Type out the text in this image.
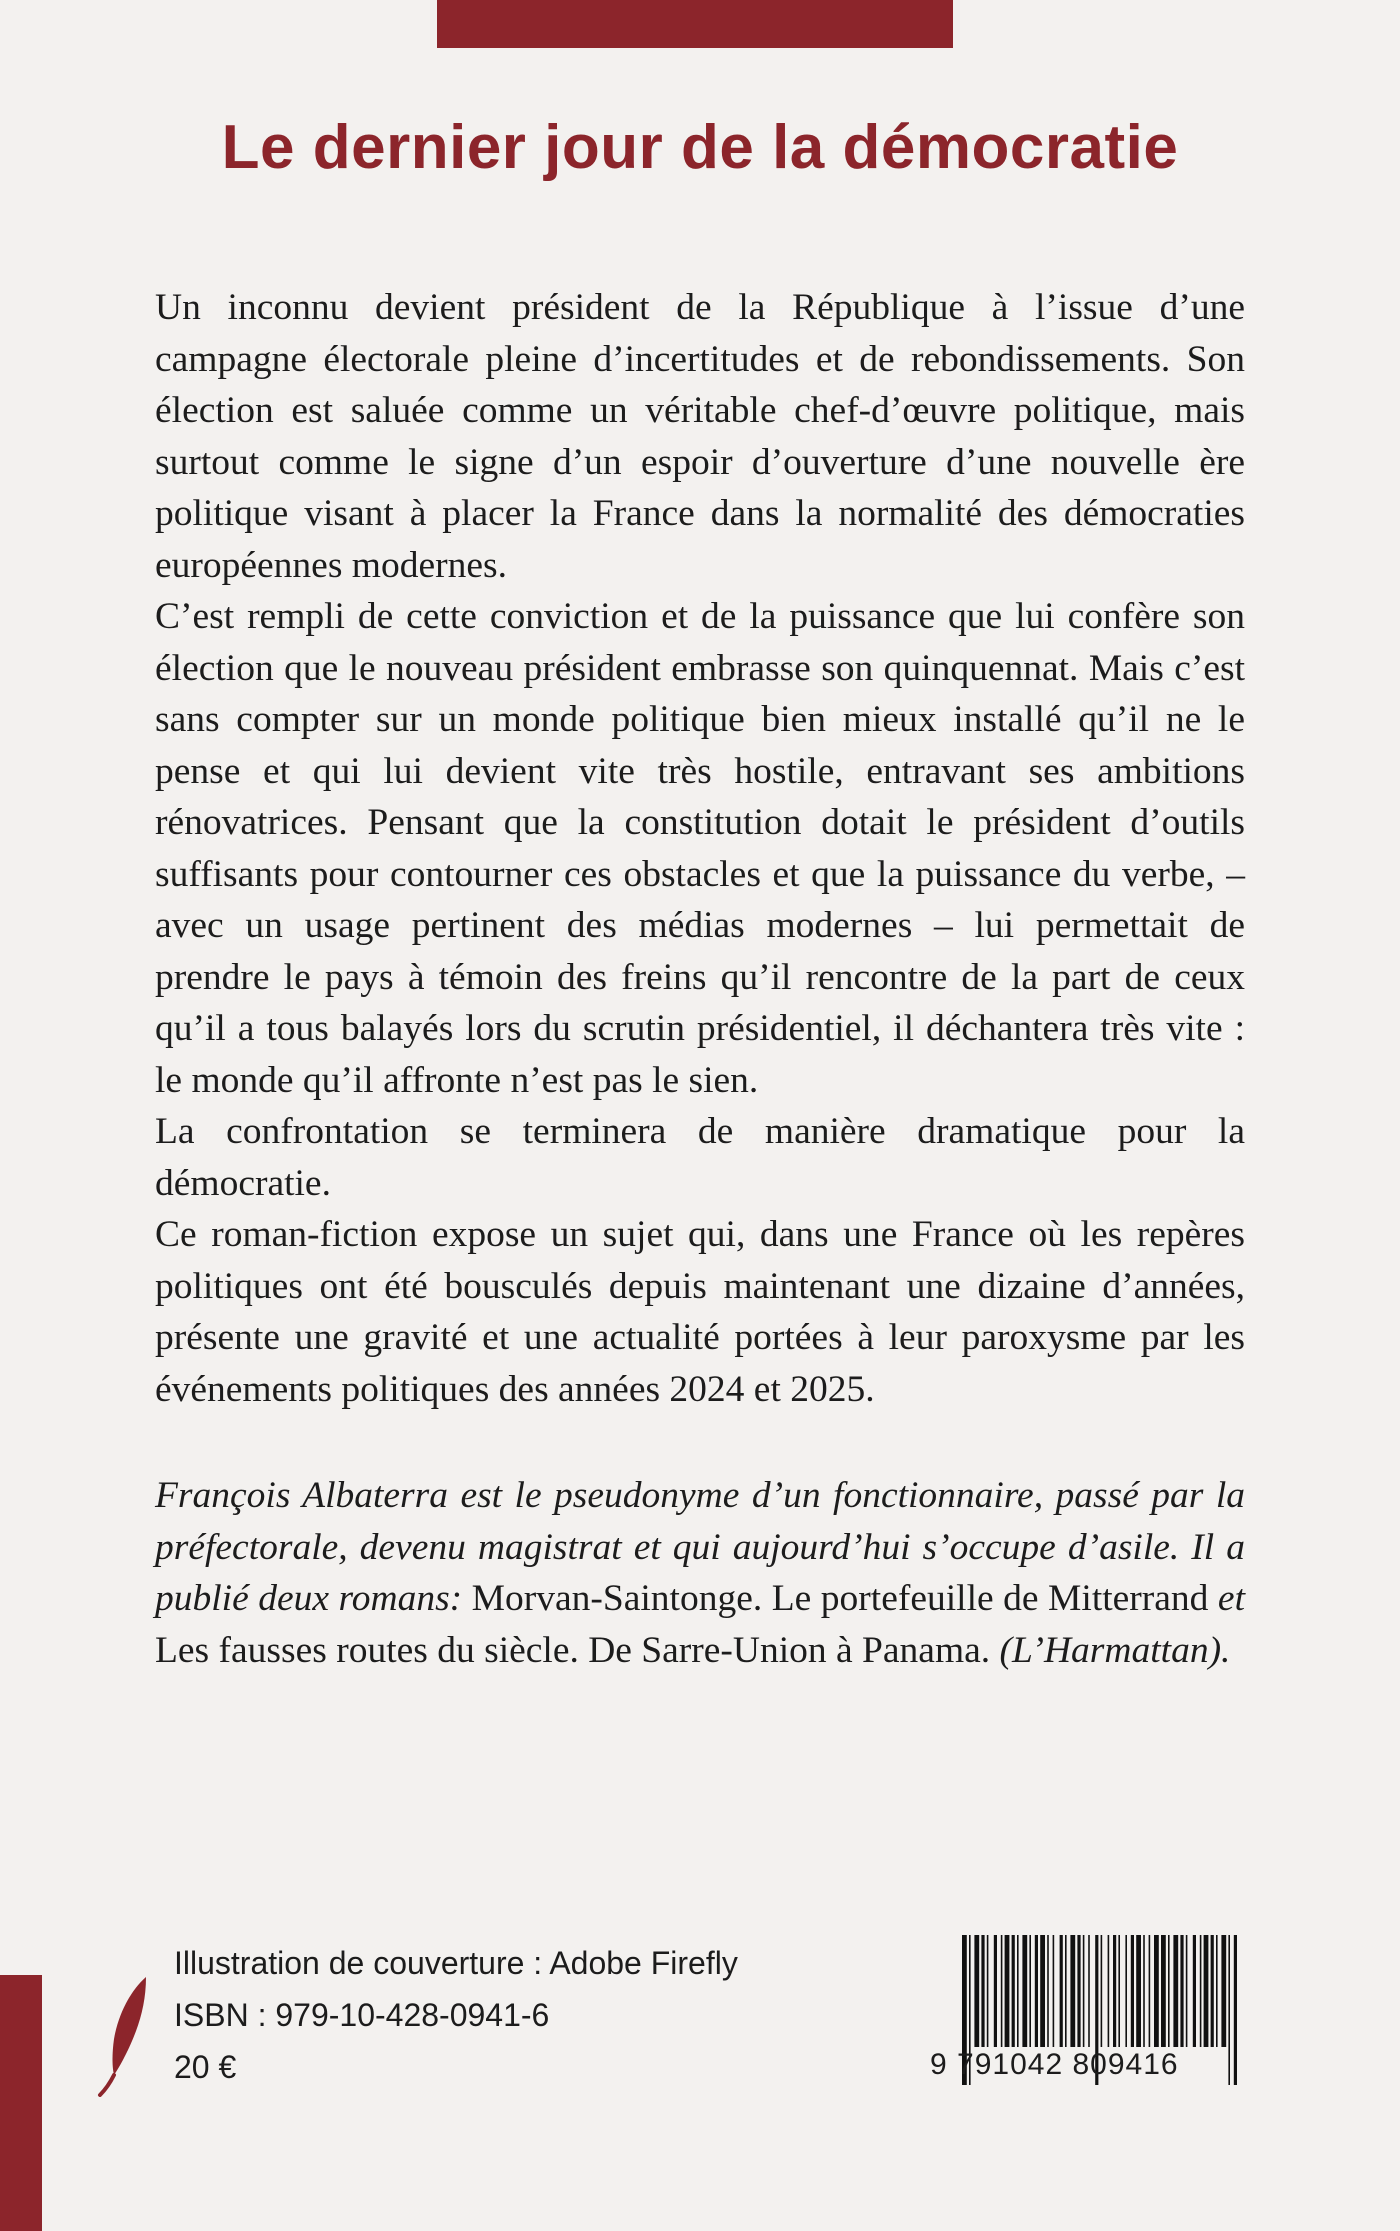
Le dernier jour de la démocratie

Un inconnu devient président de la République à l’issue d’une campagne électorale pleine d’incertitudes et de rebondissements. Son élection est saluée comme un véritable chef-d’œuvre politique, mais surtout comme le signe d’un espoir d’ouverture d’une nouvelle ère politique visant à placer la France dans la normalité des démocraties européennes modernes.

C’est rempli de cette conviction et de la puissance que lui confère son élection que le nouveau président embrasse son quinquennat. Mais c’est sans compter sur un monde politique bien mieux installé qu’il ne le pense et qui lui devient vite très hostile, entravant ses ambitions rénovatrices. Pensant que la constitution dotait le président d’outils suffisants pour contourner ces obstacles et que la puissance du verbe, – avec un usage pertinent des médias modernes – lui permettait de prendre le pays à témoin des freins qu’il rencontre de la part de ceux qu’il a tous balayés lors du scrutin présidentiel, il déchantera très vite : le monde qu’il affronte n’est pas le sien.

La confrontation se terminera de manière dramatique pour la démocratie.

Ce roman-fiction expose un sujet qui, dans une France où les repères politiques ont été bousculés depuis maintenant une dizaine d’années, présente une gravité et une actualité portées à leur paroxysme par les événements politiques des années 2024 et 2025.

François Albaterra est le pseudonyme d’un fonctionnaire, passé par la préfectorale, devenu magistrat et qui aujourd’hui s’occupe d’asile. Il a publié deux romans: Morvan-Saintonge. Le portefeuille de Mitterrand et Les fausses routes du siècle. De Sarre-Union à Panama. (L’Harmattan).

Illustration de couverture : Adobe Firefly
ISBN : 979-10-428-0941-6
20 €	9 791042 809416
